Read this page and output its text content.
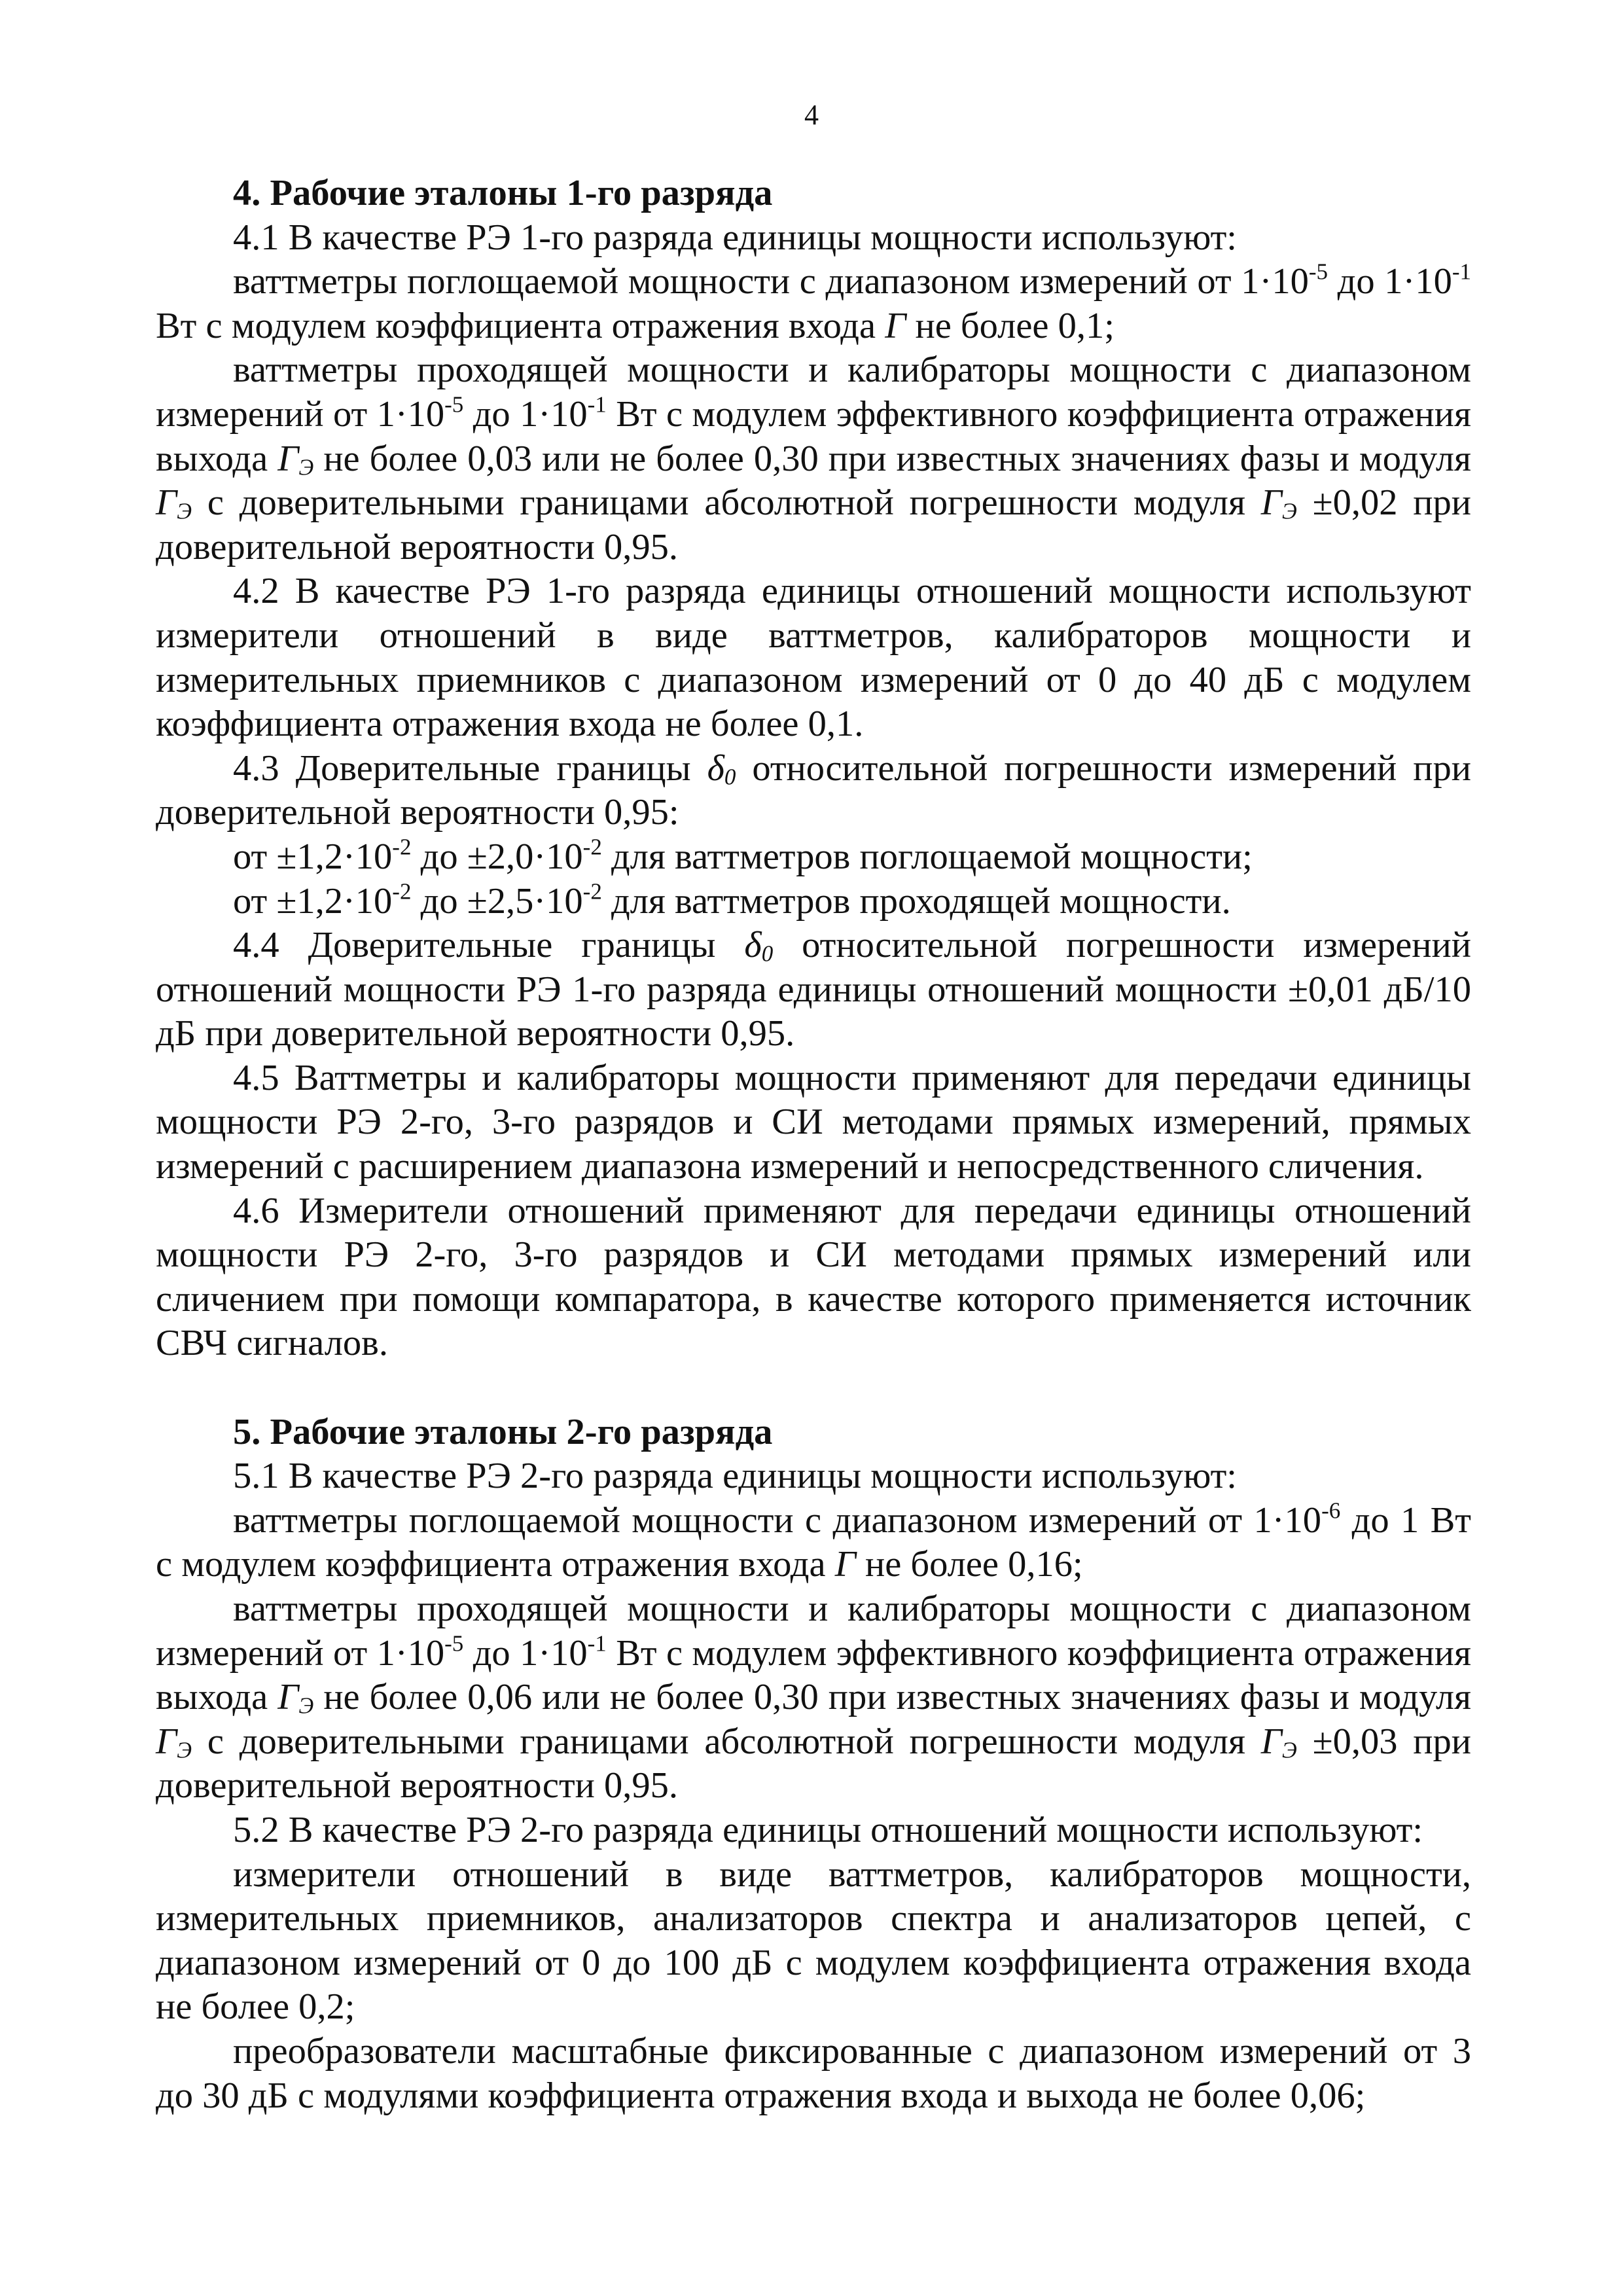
4
4. Рабочие эталоны 1-го разряда

4.1 В качестве РЭ 1-го разряда единицы мощности используют:

ваттметры поглощаемой мощности с диапазоном измерений от $1\cdot 10^{-5}$ до $1\cdot 10^{-1}$ Вт с модулем коэффициента отражения входа Г не более 0,1;

ваттметры проходящей мощности и калибраторы мощности с диапазоном измерений от $1\cdot 10^{-5}$ до $1\cdot 10^{-1}$ Вт с модулем эффективного коэффициента отражения выхода $Г_Э$ не более 0,03 или не более 0,30 при известных значениях фазы и модуля $Г_Э$ с доверительными границами абсолютной погрешности модуля $Г_Э \pm 0,02$ при доверительной вероятности 0,95.

4.2 В качестве РЭ 1-го разряда единицы отношений мощности используют измерители отношений в виде ваттметров, калибраторов мощности и измерительных приемников с диапазоном измерений от 0 до 40 дБ с модулем коэффициента отражения входа не более 0,1.

4.3 Доверительные границы $\delta_0$ относительной погрешности измерений при доверительной вероятности 0,95:

от $\pm 1,2\cdot 10^{-2}$ до $\pm 2,0\cdot 10^{-2}$ для ваттметров поглощаемой мощности;

от $\pm 1,2\cdot 10^{-2}$ до $\pm 2,5\cdot 10^{-2}$ для ваттметров проходящей мощности.

4.4 Доверительные границы $\delta_0$ относительной погрешности измерений отношений мощности РЭ 1-го разряда единицы отношений мощности ±0,01 дБ/10 дБ при доверительной вероятности 0,95.

4.5 Ваттметры и калибраторы мощности применяют для передачи единицы мощности РЭ 2-го, 3-го разрядов и СИ методами прямых измерений, прямых измерений с расширением диапазона измерений и непосредственного сличения.

4.6 Измерители отношений применяют для передачи единицы отношений мощности РЭ 2-го, 3-го разрядов и СИ методами прямых измерений или сличением при помощи компаратора, в качестве которого применяется источник СВЧ сигналов.

5. Рабочие эталоны 2-го разряда

5.1 В качестве РЭ 2-го разряда единицы мощности используют:

ваттметры поглощаемой мощности с диапазоном измерений от $1\cdot 10^{-6}$ до 1 Вт с модулем коэффициента отражения входа Г не более 0,16;

ваттметры проходящей мощности и калибраторы мощности с диапазоном измерений от $1\cdot 10^{-5}$ до $1\cdot 10^{-1}$ Вт с модулем эффективного коэффициента отражения выхода $Г_Э$ не более 0,06 или не более 0,30 при известных значениях фазы и модуля $Г_Э$ с доверительными границами абсолютной погрешности модуля $Г_Э \pm 0,03$ при доверительной вероятности 0,95.

5.2 В качестве РЭ 2-го разряда единицы отношений мощности используют:

измерители отношений в виде ваттметров, калибраторов мощности, измерительных приемников, анализаторов спектра и анализаторов цепей, с диапазоном измерений от 0 до 100 дБ с модулем коэффициента отражения входа не более 0,2;

преобразователи масштабные фиксированные с диапазоном измерений от 3 до 30 дБ с модулями коэффициента отражения входа и выхода не более 0,06;
